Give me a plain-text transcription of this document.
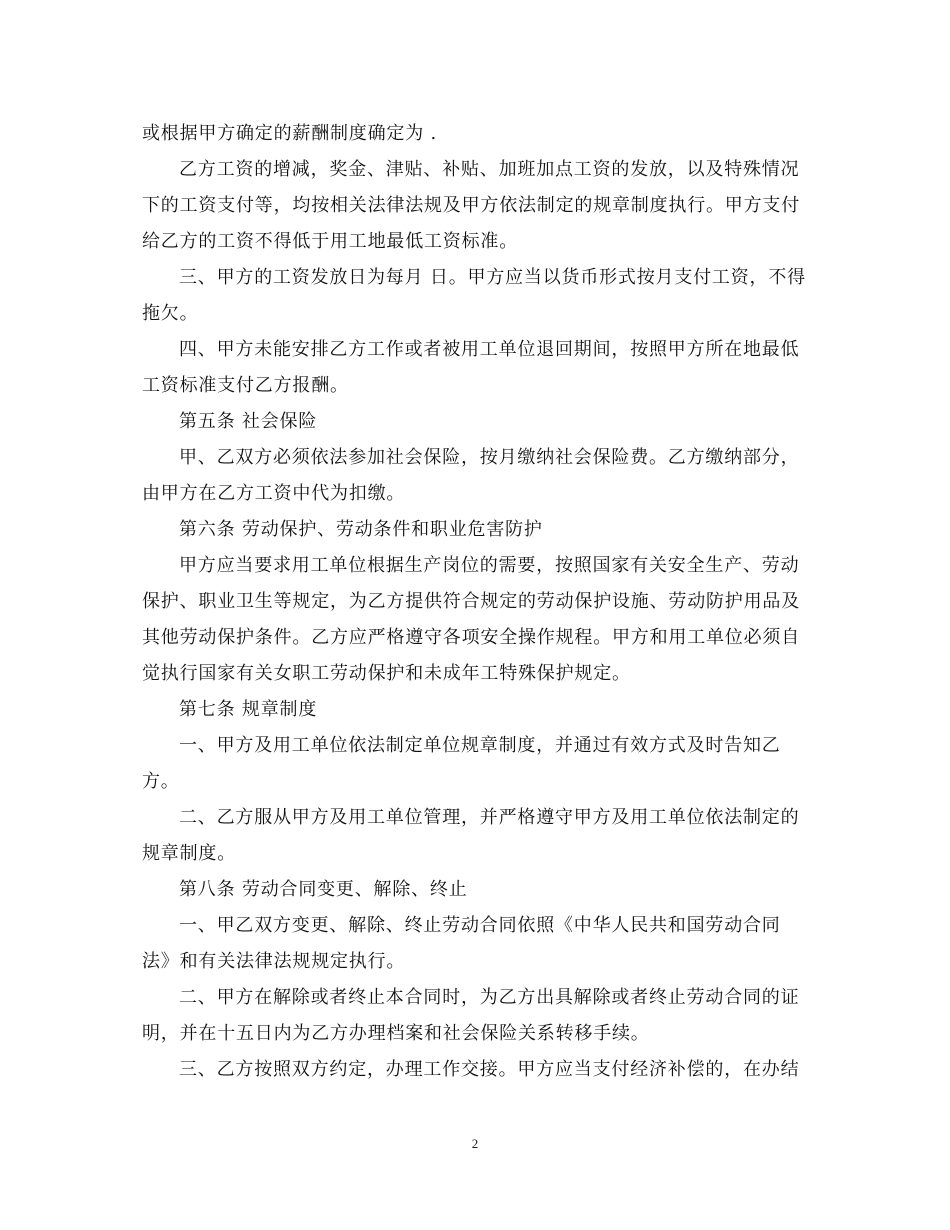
或根据甲方确定的薪酬制度确定为 .
乙方工资的增减，奖金、津贴、补贴、加班加点工资的发放，以及特殊情况
下的工资支付等，均按相关法律法规及甲方依法制定的规章制度执行。甲方支付
给乙方的工资不得低于用工地最低工资标准。
三、甲方的工资发放日为每月 日。甲方应当以货币形式按月支付工资，不得
拖欠。
四、甲方未能安排乙方工作或者被用工单位退回期间，按照甲方所在地最低
工资标准支付乙方报酬。
第五条 社会保险
甲、乙双方必须依法参加社会保险，按月缴纳社会保险费。乙方缴纳部分，
由甲方在乙方工资中代为扣缴。
第六条 劳动保护、劳动条件和职业危害防护
甲方应当要求用工单位根据生产岗位的需要，按照国家有关安全生产、劳动
保护、职业卫生等规定，为乙方提供符合规定的劳动保护设施、劳动防护用品及
其他劳动保护条件。乙方应严格遵守各项安全操作规程。甲方和用工单位必须自
觉执行国家有关女职工劳动保护和未成年工特殊保护规定。
第七条 规章制度
一、甲方及用工单位依法制定单位规章制度，并通过有效方式及时告知乙
方。
二、乙方服从甲方及用工单位管理，并严格遵守甲方及用工单位依法制定的
规章制度。
第八条 劳动合同变更、解除、终止
一、甲乙双方变更、解除、终止劳动合同依照《中华人民共和国劳动合同
法》和有关法律法规规定执行。
二、甲方在解除或者终止本合同时，为乙方出具解除或者终止劳动合同的证
明，并在十五日内为乙方办理档案和社会保险关系转移手续。
三、乙方按照双方约定，办理工作交接。甲方应当支付经济补偿的，在办结
2
